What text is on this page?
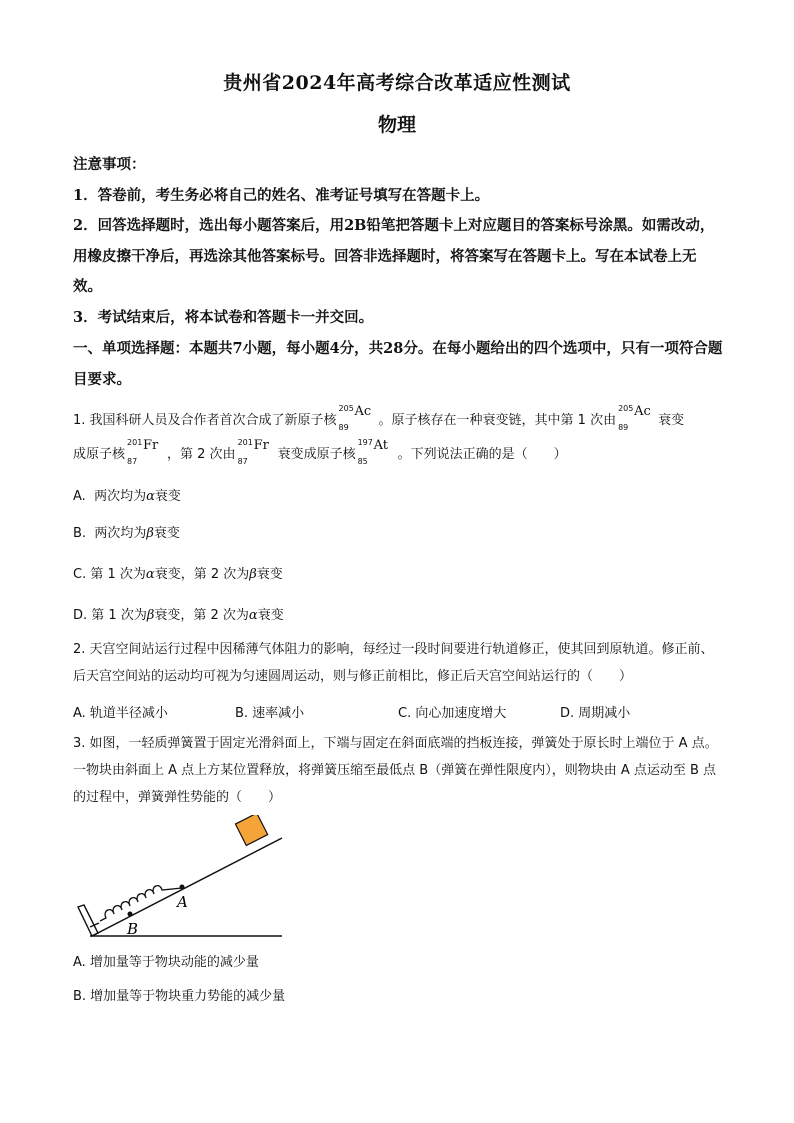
贵州省2024年高考综合改革适应性测试
物理

注意事项：

1．答卷前，考生务必将自己的姓名、准考证号填写在答题卡上。

2．回答选择题时，选出每小题答案后，用2B铅笔把答题卡上对应题目的答案标号涂黑。如需改动，用橡皮擦干净后，再选涂其他答案标号。回答非选择题时，将答案写在答题卡上。写在本试卷上无效。

3．考试结束后，将本试卷和答题卡一并交回。

一、单项选择题：本题共7小题，每小题4分，共28分。在每小题给出的四个选项中，只有一项符合题目要求。

1. 我国科研人员及合作者首次合成了新原子核
205
89
Ac
。原子核存在一种衰变链，其中第 1 次由
205
89
Ac
衰变

成原子核
201
87
Fr
，第 2 次由
201
87
Fr
衰变成原子核
197
85
At
。下列说法正确的是（　　）

A. 两次均为α衰变
B. 两次均为β衰变
C. 第 1 次为α衰变，第 2 次为β衰变
D. 第 1 次为β衰变，第 2 次为α衰变

2. 天宫空间站运行过程中因稀薄气体阻力的影响，每经过一段时间要进行轨道修正，使其回到原轨道。修正前、后天宫空间站的运动均可视为匀速圆周运动，则与修正前相比，修正后天宫空间站运行的（　　）

A. 轨道半径减小	B. 速率减小	C. 向心加速度增大	D. 周期减小

3. 如图，一轻质弹簧置于固定光滑斜面上，下端与固定在斜面底端的挡板连接，弹簧处于原长时上端位于 A 点。一物块由斜面上 A 点上方某位置释放，将弹簧压缩至最低点 B（弹簧在弹性限度内），则物块由 A 点运动至 B 点的过程中，弹簧弹性势能的（　　）

A
B
A. 增加量等于物块动能的减少量
B. 增加量等于物块重力势能的减少量
